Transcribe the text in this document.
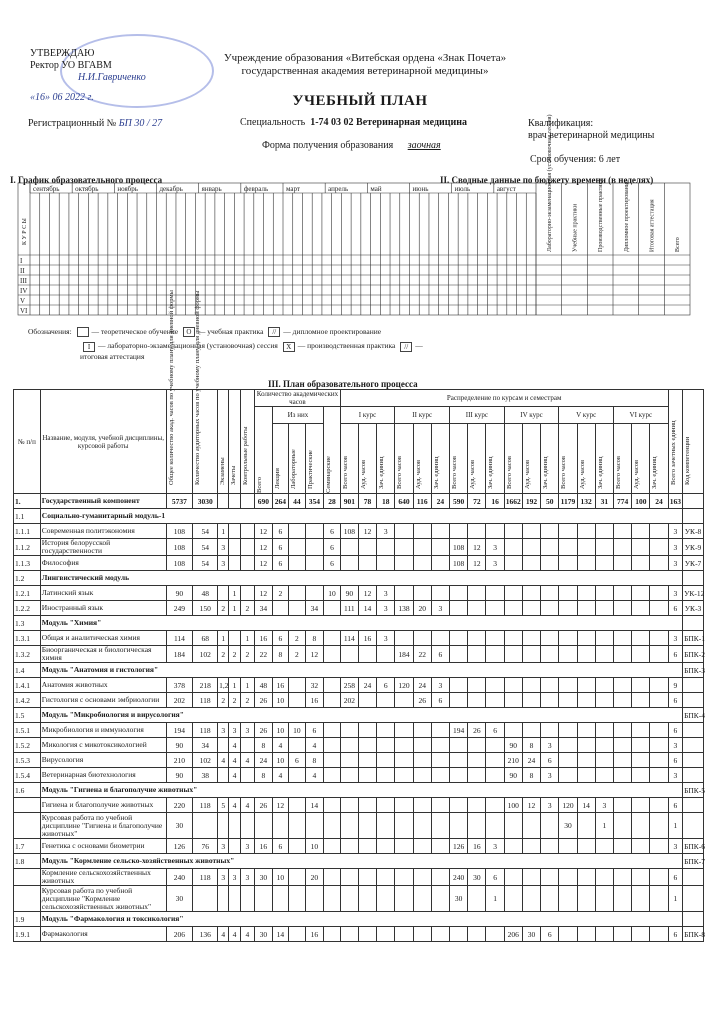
УТВЕРЖДАЮ
Ректор УО ВГАВМ
Н.И.Гавриченко
«16» 06 2022 г.
Учреждение образования «Витебская ордена «Знак Почета»
государственная академия ветеринарной медицины»
УЧЕБНЫЙ ПЛАН
Регистрационный № БП 30 / 27	Специальность 1-74 03 02 Ветеринарная медицина
Форма получения образования заочная
Квалификация:
врач ветеринарной медицины
Срок обучения: 6 лет
I. График образовательного процесса	II. Сводные данные по бюджету времени (в неделях)
сентябрь октябрь	ноябрь	декабрь	январь	февраль	март	апрель	май	июнь	июль	август
I
II
III
IV
V
VI
К У Р С Ы	Лабораторно-экзаменационная (установочная сессия)	Учебные практики	Производственные практики	Дипломное проектирование	Итоговая аттестация	Всего
Обозначения:	— теоретическое обучение О — учебная практика // — дипломное проектирование
I — лабораторно-экзаменационная (установочная) сессия X — производственная практика // — итоговая аттестация
III. План образовательного процесса
№ п/п	Название, модуля, учебной дисциплины, курсовой работы	Общее количество акад. часов по учебному плану для дневной формы	Количество аудиторных часов по учебному плану для дневной формы	Экзамены	Зачеты	Контрольные работы	Количество академических часов					Распределение по курсам и семестрам																		Всего зачетных единиц	Код компетенции

							Всего	Из них			Семинарские	I курс			II курс			III курс			IV курс			V курс			VI курс				

								Лекции	Лабораторные	Практические		Всего часов	Ауд. часов	Зач. единиц	Всего часов	Ауд. часов	Зач. единиц	Всего часов	Ауд. часов	Зач. единиц	Всего часов	Ауд. часов	Зач. единиц	Всего часов	Ауд. часов	Зач. единиц	Всего часов	Ауд. часов	Зач. единиц		

1.	Государственный компонент	5737	3030				690	264	44	354	28	901	78	18	640	116	24	590	72	16	1662	192	50	1179	132	31	774	100	24	163	
1.1	Социально-гуманитарный модуль-1																														
1.1.1	Современная политэкономия	108	54	1			12	6			6	108	12	3																3	УК-8
1.1.2	История белорусской государственности	108	54	3			12	6			6							108	12	3										3	УК-9
1.1.3	Философия	108	54	3			12	6			6							108	12	3										3	УК-7
1.2	Лингвистический модуль																														
1.2.1	Латинский язык	90	48		1		12	2			10	90	12	3																3	УК-12
1.2.2	Иностранный язык	249	150	2	1	2	34			34		111	14	3	138	20	3													6	УК-3
1.3	Модуль "Химия"																														
1.3.1	Общая и аналитическая химия	114	68	1		1	16	6	2	8		114	16	3																3	БПК-1
1.3.2	Биоорганическая и биологическая химия	184	102	2	2	2	22	8	2	12					184	22	6													6	БПК-2
1.4	Модуль "Анатомия и гистология"																														БПК-3
1.4.1	Анатомия животных	378	218	1,2	1	1	48	16		32		258	24	6	120	24	3													9	
1.4.2	Гистология с основами эмбриологии	202	118	2	2	2	26	10		16		202				26	6													6	
1.5	Модуль "Микробиология и вирусология"																														БПК-4
1.5.1	Микробиология и иммунология	194	118	3	3	3	26	10	10	6								194	26	6										6	
1.5.2	Микология с микотоксикологией	90	34		4		8	4		4											90	8	3							3	
1.5.3	Вирусология	210	102	4	4	4	24	10	6	8											210	24	6							6	
1.5.4	Ветеринарная биотехнология	90	38		4		8	4		4											90	8	3							3	
1.6	Модуль "Гигиена и благополучие животных"																														БПК-5
	Гигиена и благополучие животных	220	118	5	4	4	26	12		14											100	12	3	120	14	3				6	
	Курсовая работа по учебной дисциплине "Гигиена и благополучие животных"	30																						30		1				1	
1.7	Генетика с основами биометрии	126	76	3		3	16	6		10								126	16	3										3	БПК-6
1.8	Модуль "Кормление сельско-хозяйственных животных"																														БПК-7
	Кормление сельскохозяйственных животных	240	118	3	3	3	30	10		20								240	30	6										6	
	Курсовая работа по учебной дисциплине "Кормление сельскохозяйственных животных"	30																30		1										1	
1.9	Модуль "Фармакология и токсикология"																														
1.9.1	Фармакология	206	136	4	4	4	30	14		16											206	30	6							6	БПК-8
